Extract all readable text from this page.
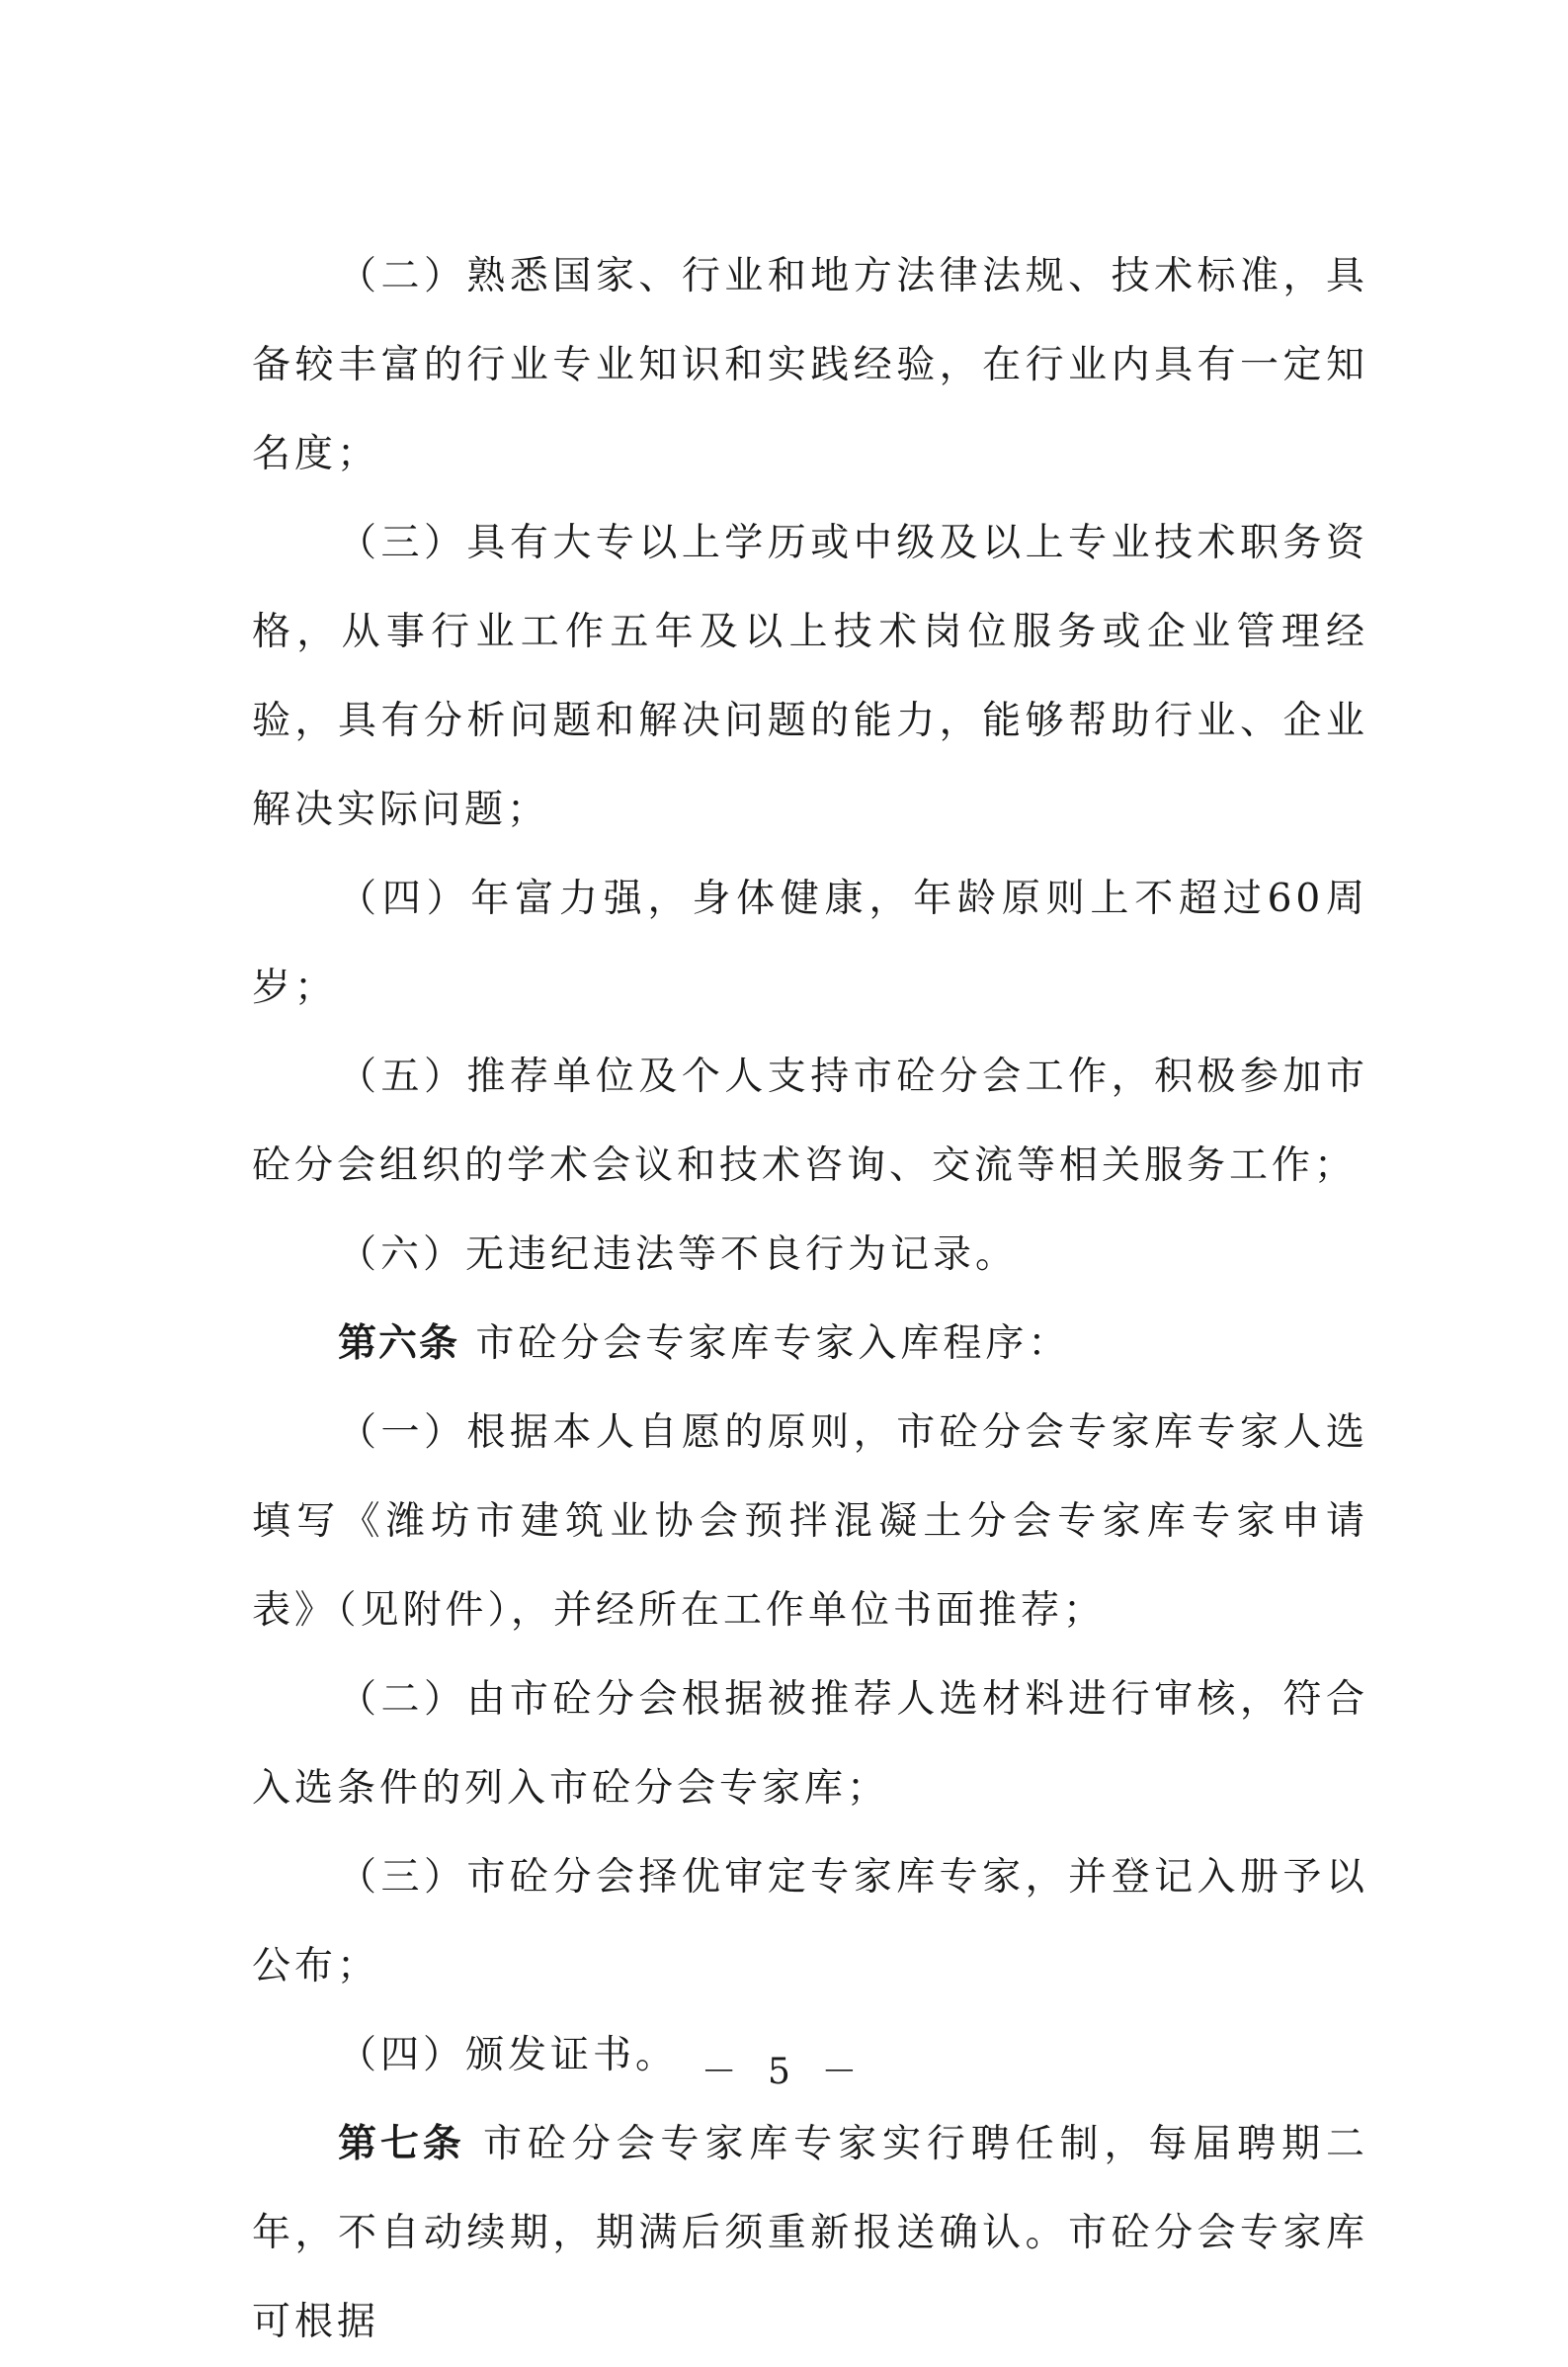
（二）熟悉国家、行业和地方法律法规、技术标准，具备较丰富的行业专业知识和实践经验，在行业内具有一定知名度；

（三）具有大专以上学历或中级及以上专业技术职务资格，从事行业工作五年及以上技术岗位服务或企业管理经验，具有分析问题和解决问题的能力，能够帮助行业、企业解决实际问题；

（四）年富力强，身体健康，年龄原则上不超过60周岁；

（五）推荐单位及个人支持市砼分会工作，积极参加市砼分会组织的学术会议和技术咨询、交流等相关服务工作；

（六）无违纪违法等不良行为记录。

第六条 市砼分会专家库专家入库程序：

（一）根据本人自愿的原则，市砼分会专家库专家人选填写《潍坊市建筑业协会预拌混凝土分会专家库专家申请表》（见附件），并经所在工作单位书面推荐；

（二）由市砼分会根据被推荐人选材料进行审核，符合入选条件的列入市砼分会专家库；

（三）市砼分会择优审定专家库专家，并登记入册予以公布；

（四）颁发证书。

第七条 市砼分会专家库专家实行聘任制，每届聘期二年，不自动续期，期满后须重新报送确认。市砼分会专家库可根据

－ 5 －
